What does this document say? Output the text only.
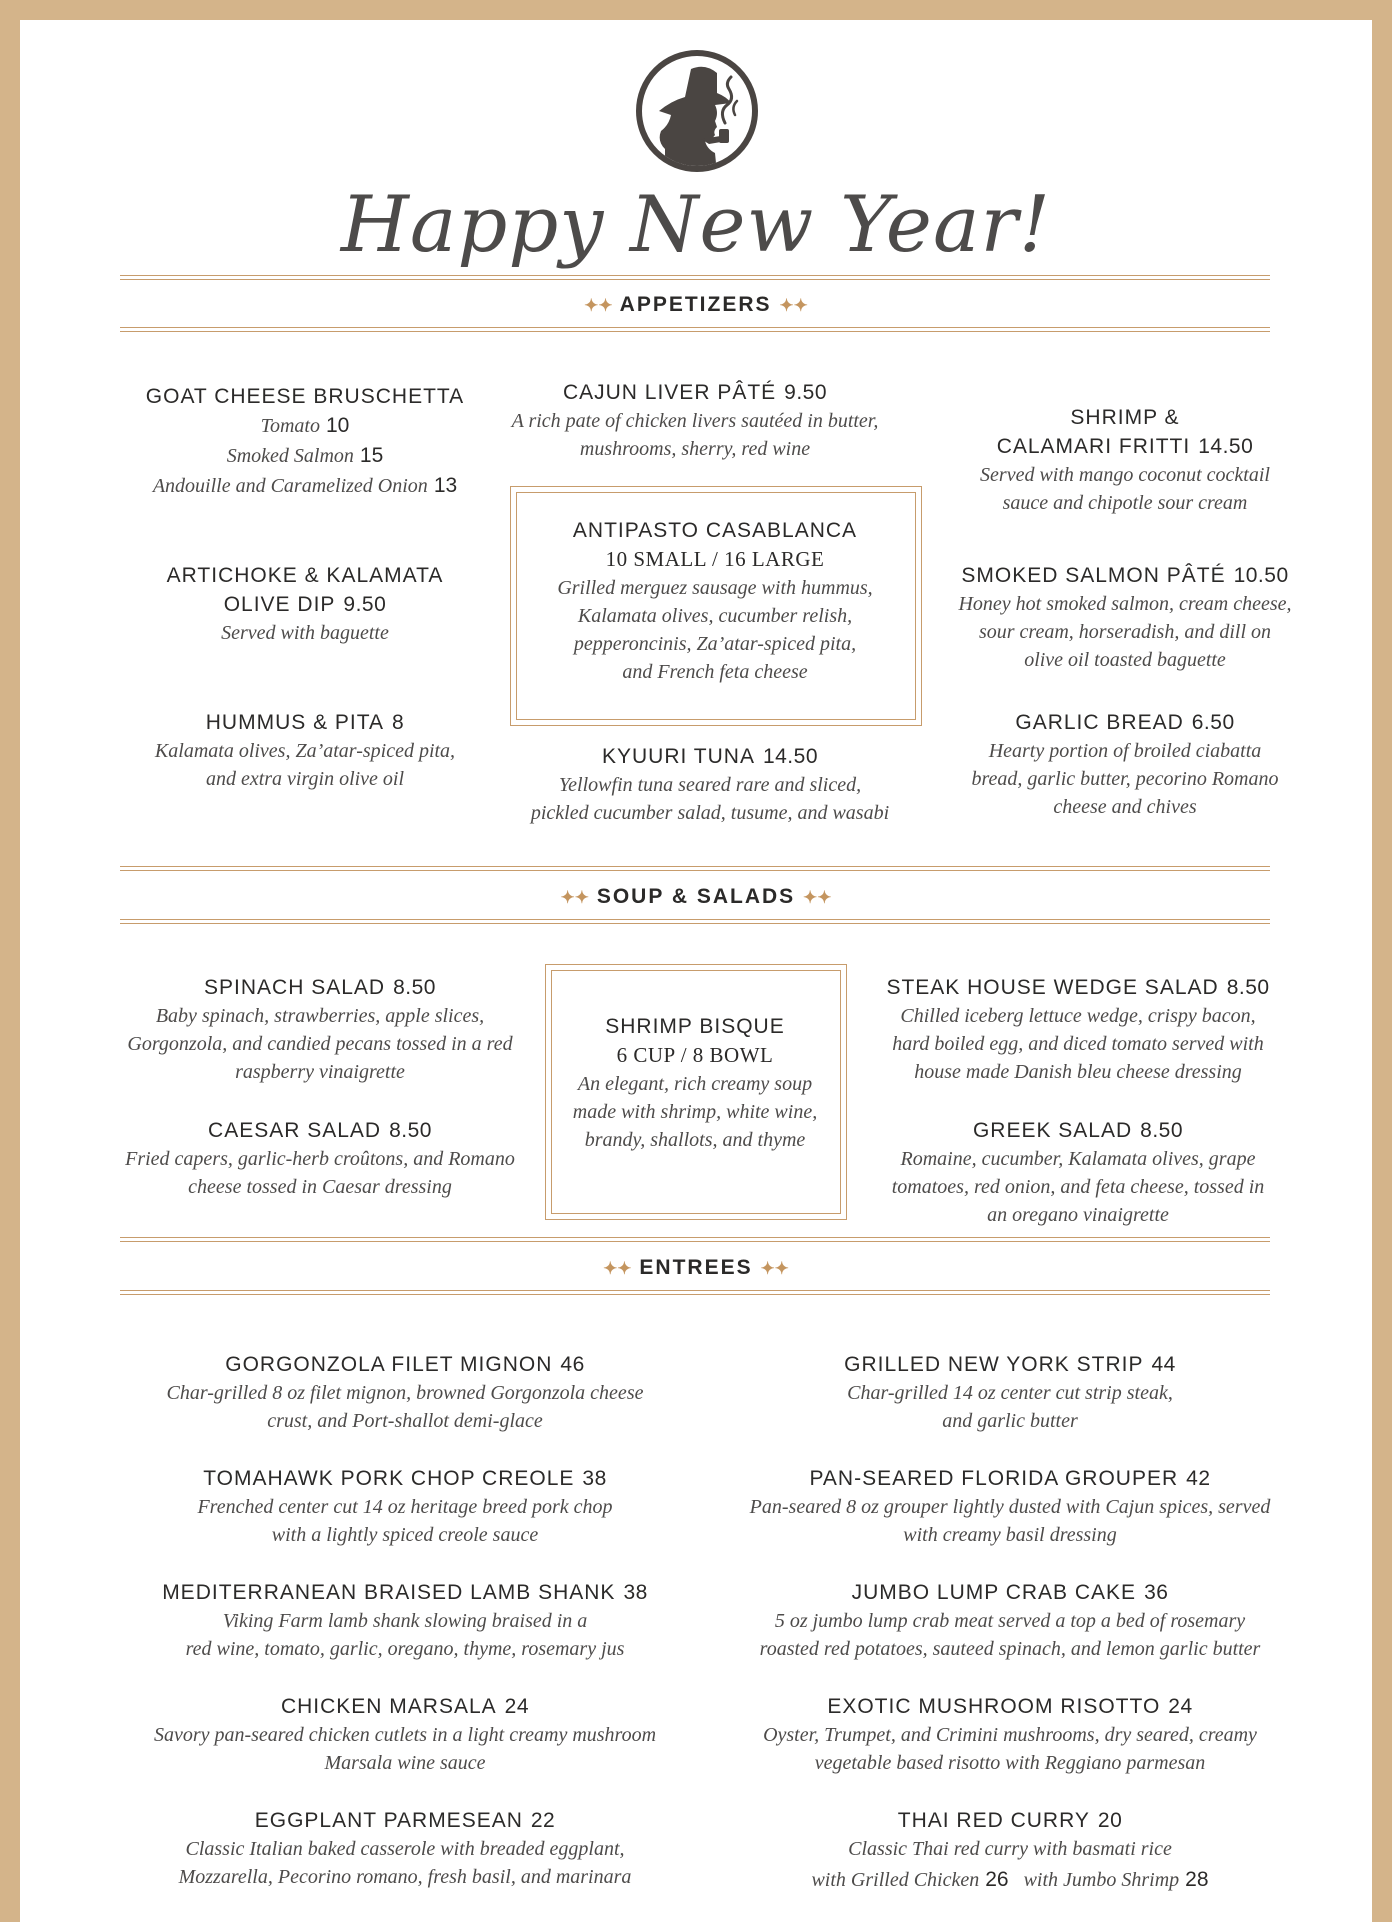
Happy New Year!
✦✦ APPETIZERS ✦✦
GOAT CHEESE BRUSCHETTA
Tomato 10
Smoked Salmon 15
Andouille and Caramelized Onion 13
ARTICHOKE & KALAMATA
OLIVE DIP 9.50
Served with baguette
HUMMUS & PITA 8
Kalamata olives, Za’atar-spiced pita,
and extra virgin olive oil
CAJUN LIVER PÂTÉ 9.50
A rich pate of chicken livers sautéed in butter,
mushrooms, sherry, red wine
ANTIPASTO CASABLANCA
10 SMALL / 16 LARGE
Grilled merguez sausage with hummus,
Kalamata olives, cucumber relish,
pepperoncinis, Za’atar-spiced pita,
and French feta cheese
KYUURI TUNA 14.50
Yellowfin tuna seared rare and sliced,
pickled cucumber salad, tusume, and wasabi
SHRIMP &
CALAMARI FRITTI 14.50
Served with mango coconut cocktail
sauce and chipotle sour cream
SMOKED SALMON PÂTÉ 10.50
Honey hot smoked salmon, cream cheese,
sour cream, horseradish, and dill on
olive oil toasted baguette
GARLIC BREAD 6.50
Hearty portion of broiled ciabatta
bread, garlic butter, pecorino Romano
cheese and chives
✦✦ SOUP & SALADS ✦✦
SPINACH SALAD 8.50
Baby spinach, strawberries, apple slices,
Gorgonzola, and candied pecans tossed in a red
raspberry vinaigrette
CAESAR SALAD 8.50
Fried capers, garlic-herb croûtons, and Romano
cheese tossed in Caesar dressing
SHRIMP BISQUE
6 CUP / 8 BOWL
An elegant, rich creamy soup
made with shrimp, white wine,
brandy, shallots, and thyme
STEAK HOUSE WEDGE SALAD 8.50
Chilled iceberg lettuce wedge, crispy bacon,
hard boiled egg, and diced tomato served with
house made Danish bleu cheese dressing
GREEK SALAD 8.50
Romaine, cucumber, Kalamata olives, grape
tomatoes, red onion, and feta cheese, tossed in
an oregano vinaigrette
✦✦ ENTREES ✦✦
GORGONZOLA FILET MIGNON 46
Char-grilled 8 oz filet mignon, browned Gorgonzola cheese
crust, and Port-shallot demi-glace
TOMAHAWK PORK CHOP CREOLE 38
Frenched center cut 14 oz heritage breed pork chop
with a lightly spiced creole sauce
MEDITERRANEAN BRAISED LAMB SHANK 38
Viking Farm lamb shank slowing braised in a
red wine, tomato, garlic, oregano, thyme, rosemary jus
CHICKEN MARSALA 24
Savory pan-seared chicken cutlets in a light creamy mushroom
Marsala wine sauce
EGGPLANT PARMESEAN 22
Classic Italian baked casserole with breaded eggplant,
Mozzarella, Pecorino romano, fresh basil, and marinara
GRILLED NEW YORK STRIP 44
Char-grilled 14 oz center cut strip steak,
and garlic butter
PAN-SEARED FLORIDA GROUPER 42
Pan-seared 8 oz grouper lightly dusted with Cajun spices, served
with creamy basil dressing
JUMBO LUMP CRAB CAKE 36
5 oz jumbo lump crab meat served a top a bed of rosemary
roasted red potatoes, sauteed spinach, and lemon garlic butter
EXOTIC MUSHROOM RISOTTO 24
Oyster, Trumpet, and Crimini mushrooms, dry seared, creamy
vegetable based risotto with Reggiano parmesan
THAI RED CURRY 20
Classic Thai red curry with basmati rice
with Grilled Chicken 26 with Jumbo Shrimp 28
